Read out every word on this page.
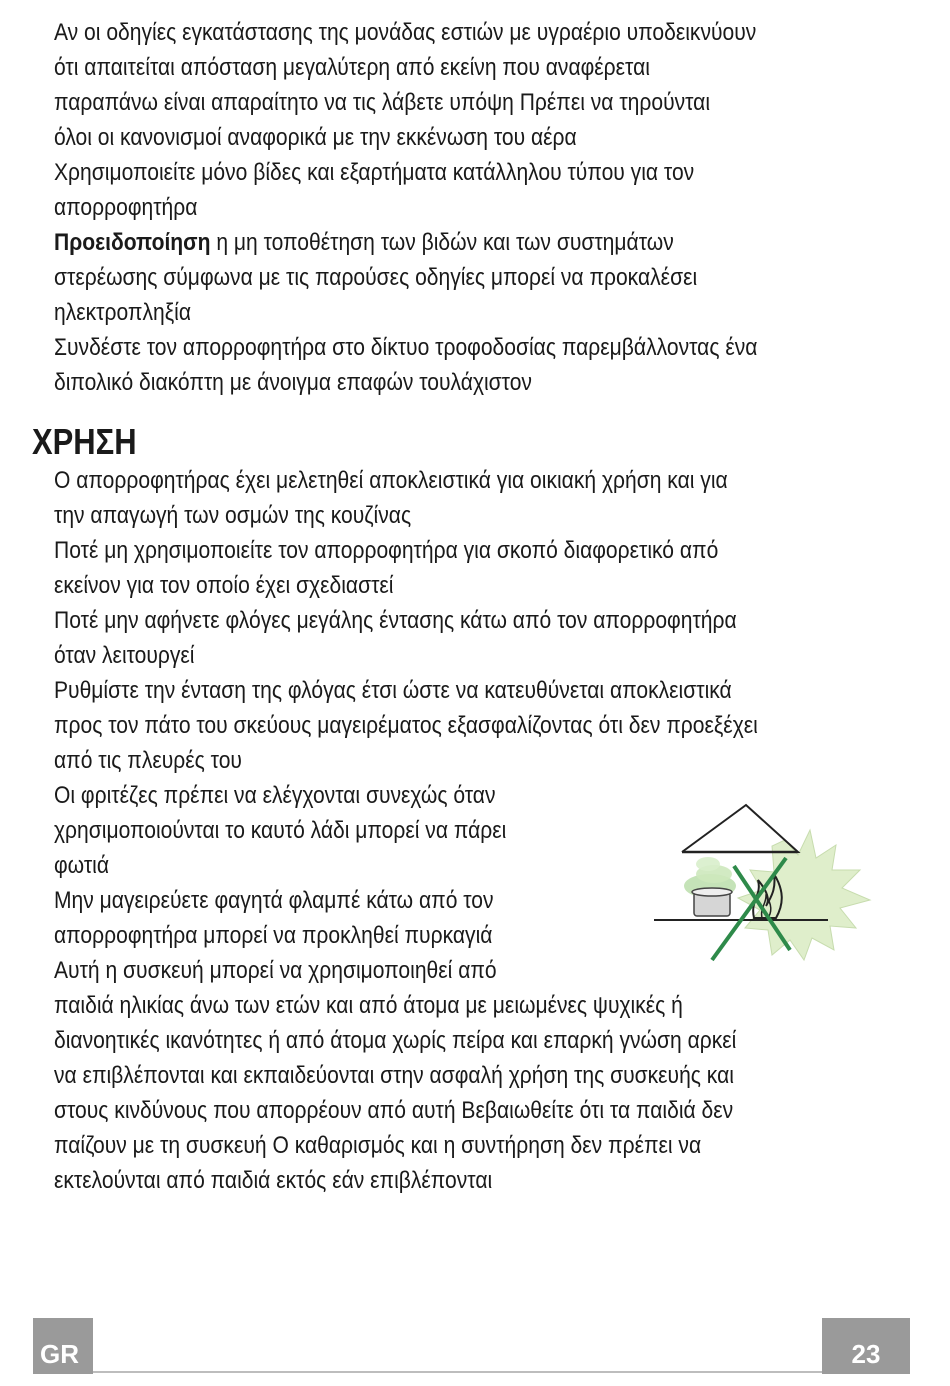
Αν οι οδηγίες εγκατάστασης της μονάδας εστιών με υγραέριο υποδεικνύουν
ότι απαιτείται απόσταση μεγαλύτερη από εκείνη που αναφέρεται
παραπάνω είναι απαραίτητο να τις λάβετε υπόψη Πρέπει να τηρούνται
όλοι οι κανονισμοί αναφορικά με την εκκένωση του αέρα
Χρησιμοποιείτε μόνο βίδες και εξαρτήματα κατάλληλου τύπου για τον
απορροφητήρα
Προειδοποίηση η μη τοποθέτηση των βιδών και των συστημάτων
στερέωσης σύμφωνα με τις παρούσες οδηγίες μπορεί να προκαλέσει
ηλεκτροπληξία
Συνδέστε τον απορροφητήρα στο δίκτυο τροφοδοσίας παρεμβάλλοντας ένα
διπολικό διακόπτη με άνοιγμα επαφών τουλάχιστον
ΧΡΗΣΗ
Ο απορροφητήρας έχει μελετηθεί αποκλειστικά για οικιακή χρήση και για
την απαγωγή των οσμών της κουζίνας
Ποτέ μη χρησιμοποιείτε τον απορροφητήρα για σκοπό διαφορετικό από
εκείνον για τον οποίο έχει σχεδιαστεί
Ποτέ μην αφήνετε φλόγες μεγάλης έντασης κάτω από τον απορροφητήρα
όταν λειτουργεί
Ρυθμίστε την ένταση της φλόγας έτσι ώστε να κατευθύνεται αποκλειστικά
προς τον πάτο του σκεύους μαγειρέματος εξασφαλίζοντας ότι δεν προεξέχει
από τις πλευρές του
Οι φριτέζες πρέπει να ελέγχονται συνεχώς όταν
χρησιμοποιούνται το καυτό λάδι μπορεί να πάρει
φωτιά
Μην μαγειρεύετε φαγητά φλαμπέ κάτω από τον
απορροφητήρα μπορεί να προκληθεί πυρκαγιά
Αυτή η συσκευή μπορεί να χρησιμοποιηθεί από
παιδιά ηλικίας άνω των ετών και από άτομα με μειωμένες ψυχικές ή
διανοητικές ικανότητες ή από άτομα χωρίς πείρα και επαρκή γνώση αρκεί
να επιβλέπονται και εκπαιδεύονται στην ασφαλή χρήση της συσκευής και
στους κινδύνους που απορρέουν από αυτή Βεβαιωθείτε ότι τα παιδιά δεν
παίζουν με τη συσκευή Ο καθαρισμός και η συντήρηση δεν πρέπει να
εκτελούνται από παιδιά εκτός εάν επιβλέπονται
GR	23
